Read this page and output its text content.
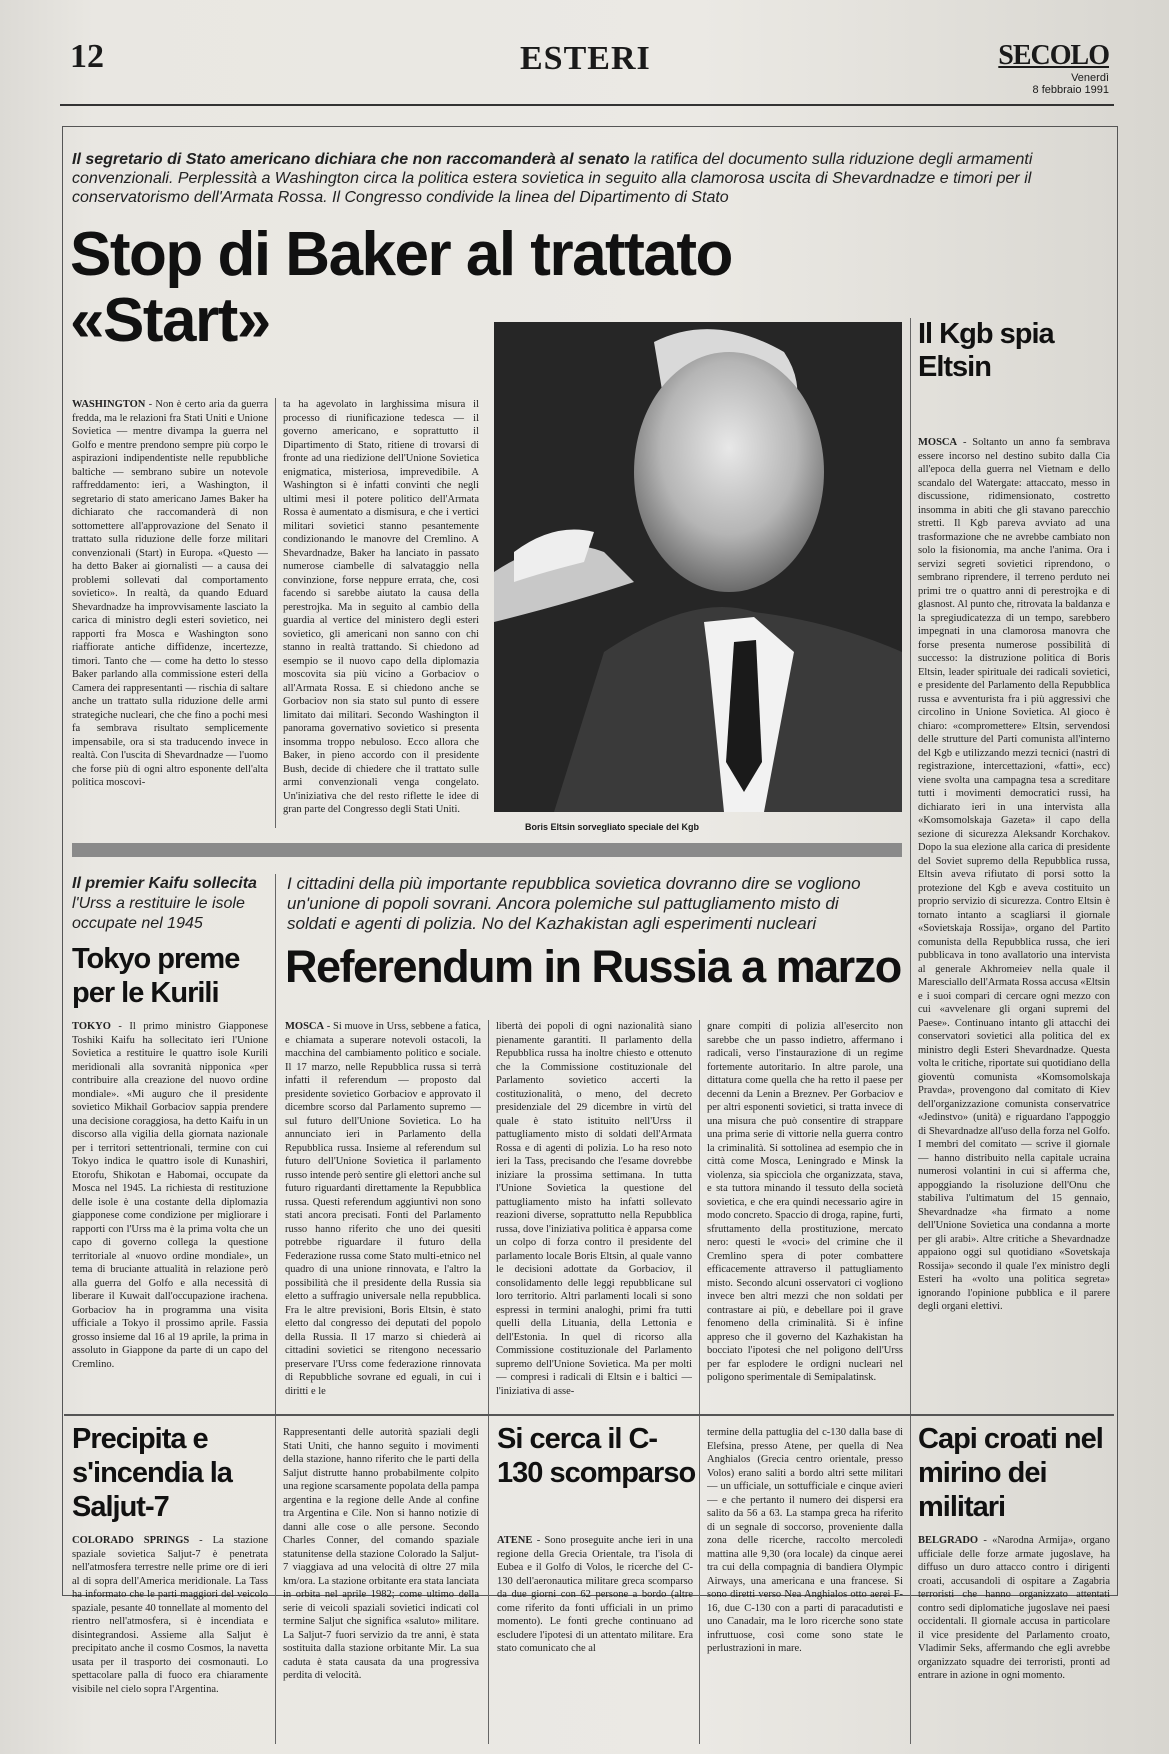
12	ESTERI	SECOLO
Venerdì
8 febbraio 1991
Il segretario di Stato americano dichiara che non raccomanderà al senato la ratifica del documento sulla riduzione degli armamenti convenzionali. Perplessità a Washington circa la politica estera sovietica in seguito alla clamorosa uscita di Shevardnadze e timori per il conservatorismo dell'Armata Rossa. Il Congresso condivide la linea del Dipartimento di Stato
Stop di Baker al trattato «Start»
WASHINGTON - Non è certo aria da guerra fredda, ma le relazioni fra Stati Uniti e Unione Sovietica — mentre divampa la guerra nel Golfo e mentre prendono sempre più corpo le aspirazioni indipendentiste nelle repubbliche baltiche — sembrano subire un notevole raffreddamento: ieri, a Washington, il segretario di stato americano James Baker ha dichiarato che raccomanderà di non sottomettere all'approvazione del Senato il trattato sulla riduzione delle forze militari convenzionali (Start) in Europa. «Questo — ha detto Baker ai giornalisti — a causa dei problemi sollevati dal comportamento sovietico». In realtà, da quando Eduard Shevardnadze ha improvvisamente lasciato la carica di ministro degli esteri sovietico, nei rapporti fra Mosca e Washington sono riaffiorate antiche diffidenze, incertezze, timori. Tanto che — come ha detto lo stesso Baker parlando alla commissione esteri della Camera dei rappresentanti — rischia di saltare anche un trattato sulla riduzione delle armi strategiche nucleari, che che fino a pochi mesi fa sembrava risultato semplicemente impensabile, ora si sta traducendo invece in realtà. Con l'uscita di Shevardnadze — l'uomo che forse più di ogni altro esponente dell'alta politica moscovi-
ta ha agevolato in larghissima misura il processo di riunificazione tedesca — il governo americano, e soprattutto il Dipartimento di Stato, ritiene di trovarsi di fronte ad una riedizione dell'Unione Sovietica enigmatica, misteriosa, imprevedibile. A Washington si è infatti convinti che negli ultimi mesi il potere politico dell'Armata Rossa è aumentato a dismisura, e che i vertici militari sovietici stanno pesantemente condizionando le manovre del Cremlino. A Shevardnadze, Baker ha lanciato in passato numerose ciambelle di salvataggio nella convinzione, forse neppure errata, che, così facendo si sarebbe aiutato la causa della perestrojka. Ma in seguito al cambio della guardia al vertice del ministero degli esteri sovietico, gli americani non sanno con chi stanno in realtà trattando. Si chiedono ad esempio se il nuovo capo della diplomazia moscovita sia più vicino a Gorbaciov o all'Armata Rossa. E si chiedono anche se Gorbaciov non sia stato sul punto di essere limitato dai militari. Secondo Washington il panorama governativo sovietico si presenta insomma troppo nebuloso. Ecco allora che Baker, in pieno accordo con il presidente Bush, decide di chiedere che il trattato sulle armi convenzionali venga congelato. Un'iniziativa che del resto riflette le idee di gran parte del Congresso degli Stati Uniti.
Boris Eltsin sorvegliato speciale del Kgb
Il Kgb spia Eltsin
MOSCA - Soltanto un anno fa sembrava essere incorso nel destino subito dalla Cia all'epoca della guerra nel Vietnam e dello scandalo del Watergate: attaccato, messo in discussione, ridimensionato, costretto insomma in abiti che gli stavano parecchio stretti. Il Kgb pareva avviato ad una trasformazione che ne avrebbe cambiato non solo la fisionomia, ma anche l'anima. Ora i servizi segreti sovietici riprendono, o sembrano riprendere, il terreno perduto nei primi tre o quattro anni di perestrojka e di glasnost. Al punto che, ritrovata la baldanza e la spregiudicatezza di un tempo, sarebbero impegnati in una clamorosa manovra che forse presenta numerose possibilità di successo: la distruzione politica di Boris Eltsin, leader spirituale dei radicali sovietici, e presidente del Parlamento della Repubblica russa e avventurista fra i più aggressivi che circolino in Unione Sovietica. Al gioco è chiaro: «compromettere» Eltsin, servendosi delle strutture del Parti comunista all'interno del Kgb e utilizzando mezzi tecnici (nastri di registrazione, intercettazioni, «fatti», ecc) viene svolta una campagna tesa a screditare tutti i movimenti democratici russi, ha dichiarato ieri in una intervista alla «Komsomolskaja Gazeta» il capo della sezione di sicurezza Aleksandr Korchakov. Dopo la sua elezione alla carica di presidente del Soviet supremo della Repubblica russa, Eltsin aveva rifiutato di porsi sotto la protezione del Kgb e aveva costituito un proprio servizio di sicurezza. Contro Eltsin è tornato intanto a scagliarsi il giornale «Sovietskaja Rossija», organo del Partito comunista della Repubblica russa, che ieri pubblicava in tono avallatorio una intervista al generale Akhromeiev nella quale il Maresciallo dell'Armata Rossa accusa «Eltsin e i suoi compari di cercare ogni mezzo con cui «avvelenare gli organi supremi del Paese». Continuano intanto gli attacchi dei conservatori sovietici alla politica del ex ministro degli Esteri Shevardnadze. Questa volta le critiche, riportate sui quotidiano della gioventù comunista «Komsomolskaja Pravda», provengono dal comitato di Kiev dell'organizzazione comunista conservatrice «Jedinstvo» (unità) e riguardano l'appoggio di Shevardnadze all'uso della forza nel Golfo. I membri del comitato — scrive il giornale — hanno distribuito nella capitale ucraina numerosi volantini in cui si afferma che, appoggiando la risoluzione dell'Onu che stabiliva l'ultimatum del 15 gennaio, Shevardnadze «ha firmato a nome dell'Unione Sovietica una condanna a morte per gli arabi». Altre critiche a Shevardnadze appaiono oggi sul quotidiano «Sovetskaja Rossija» secondo il quale l'ex ministro degli Esteri ha «volto una politica segreta» ignorando l'opinione pubblica e il parere degli organi elettivi.
Il premier Kaifu sollecita l'Urss a restituire le isole occupate nel 1945
Tokyo preme per le Kurili
TOKYO - Il primo ministro Giapponese Toshiki Kaifu ha sollecitato ieri l'Unione Sovietica a restituire le quattro isole Kurili meridionali alla sovranità nipponica «per contribuire alla creazione del nuovo ordine mondiale». «Mi auguro che il presidente sovietico Mikhail Gorbaciov sappia prendere una decisione coraggiosa, ha detto Kaifu in un discorso alla vigilia della giornata nazionale per i territori settentrionali, termine con cui Tokyo indica le quattro isole di Kunashiri, Etorofu, Shikotan e Habomai, occupate da Mosca nel 1945. La richiesta di restituzione delle isole è una costante della diplomazia giapponese come condizione per migliorare i rapporti con l'Urss ma è la prima volta che un capo di governo collega la questione territoriale al «nuovo ordine mondiale», un tema di bruciante attualità in relazione però alla guerra del Golfo e alla necessità di liberare il Kuwait dall'occupazione irachena. Gorbaciov ha in programma una visita ufficiale a Tokyo il prossimo aprile. Fassia grosso insieme dal 16 al 19 aprile, la prima in assoluto in Giappone da parte di un capo del Cremlino.
I cittadini della più importante repubblica sovietica dovranno dire se vogliono un'unione di popoli sovrani. Ancora polemiche sul pattugliamento misto di soldati e agenti di polizia. No del Kazhakistan agli esperimenti nucleari
Referendum in Russia a marzo
MOSCA - Si muove in Urss, sebbene a fatica, e chiamata a superare notevoli ostacoli, la macchina del cambiamento politico e sociale. Il 17 marzo, nelle Repubblica russa si terrà infatti il referendum — proposto dal presidente sovietico Gorbaciov e approvato il dicembre scorso dal Parlamento supremo — sul futuro dell'Unione Sovietica. Lo ha annunciato ieri in Parlamento della Repubblica russa. Insieme al referendum sul futuro dell'Unione Sovietica il parlamento russo intende però sentire gli elettori anche sul futuro riguardanti direttamente la Repubblica russa. Questi referendum aggiuntivi non sono stati ancora precisati. Fonti del Parlamento russo hanno riferito che uno dei quesiti potrebbe riguardare il futuro della Federazione russa come Stato multi-etnico nel quadro di una unione rinnovata, e l'altro la possibilità che il presidente della Russia sia eletto a suffragio universale nella repubblica. Fra le altre previsioni, Boris Eltsin, è stato eletto dal congresso dei deputati del popolo della Russia. Il 17 marzo si chiederà ai cittadini sovietici se ritengono necessario preservare l'Urss come federazione rinnovata di Repubbliche sovrane ed eguali, in cui i diritti e le
libertà dei popoli di ogni nazionalità siano pienamente garantiti. Il parlamento della Repubblica russa ha inoltre chiesto e ottenuto che la Commissione costituzionale del Parlamento sovietico accerti la costituzionalità, o meno, del decreto presidenziale del 29 dicembre in virtù del quale è stato istituito nell'Urss il pattugliamento misto di soldati dell'Armata Rossa e di agenti di polizia. Lo ha reso noto ieri la Tass, precisando che l'esame dovrebbe iniziare la prossima settimana. In tutta l'Unione Sovietica la questione del pattugliamento misto ha infatti sollevato reazioni diverse, soprattutto nella Repubblica russa, dove l'iniziativa politica è apparsa come un colpo di forza contro il presidente del parlamento locale Boris Eltsin, al quale vanno le decisioni adottate da Gorbaciov, il consolidamento delle leggi repubblicane sul loro territorio. Altri parlamenti locali si sono espressi in termini analoghi, primi fra tutti quelli della Lituania, della Lettonia e dell'Estonia. In quel di ricorso alla Commissione costituzionale del Parlamento supremo dell'Unione Sovietica. Ma per molti — compresi i radicali di Eltsin e i baltici — l'iniziativa di asse-
gnare compiti di polizia all'esercito non sarebbe che un passo indietro, affermano i radicali, verso l'instaurazione di un regime fortemente autoritario. In altre parole, una dittatura come quella che ha retto il paese per decenni da Lenin a Breznev. Per Gorbaciov e per altri esponenti sovietici, si tratta invece di una misura che può consentire di strappare una prima serie di vittorie nella guerra contro la criminalità. Si sottolinea ad esempio che in città come Mosca, Leningrado e Minsk la violenza, sia spicciola che organizzata, stava, e sta tuttora minando il tessuto della società sovietica, e che era quindi necessario agire in modo concreto. Spaccio di droga, rapine, furti, sfruttamento della prostituzione, mercato nero: questi le «voci» del crimine che il Cremlino spera di poter combattere efficacemente attraverso il pattugliamento misto. Secondo alcuni osservatori ci vogliono invece ben altri mezzi che non soldati per contrastare ai più, e debellare poi il grave fenomeno della criminalità. Si è infine appreso che il governo del Kazhakistan ha bocciato l'ipotesi che nel poligono dell'Urss per far esplodere le ordigni nucleari nel poligono sperimentale di Semipalatinsk.
Precipita e s'incendia la Saljut-7
COLORADO SPRINGS - La stazione spaziale sovietica Saljut-7 è penetrata nell'atmosfera terrestre nelle prime ore di ieri al di sopra dell'America meridionale. La Tass ha informato che le parti maggiori del veicolo spaziale, pesante 40 tonnellate al momento del rientro nell'atmosfera, si è incendiata e disintegrandosi. Assieme alla Saljut è precipitato anche il cosmo Cosmos, la navetta usata per il trasporto dei cosmonauti. Lo spettacolare palla di fuoco era chiaramente visibile nel cielo sopra l'Argentina.
Rappresentanti delle autorità spaziali degli Stati Uniti, che hanno seguito i movimenti della stazione, hanno riferito che le parti della Saljut distrutte hanno probabilmente colpito una regione scarsamente popolata della pampa argentina e la regione delle Ande al confine tra Argentina e Cile. Non si hanno notizie di danni alle cose o alle persone. Secondo Charles Conner, del comando spaziale statunitense della stazione Colorado la Saljut-7 viaggiava ad una velocità di oltre 27 mila km/ora. La stazione orbitante era stata lanciata in orbita nel aprile 1982; come ultimo della serie di veicoli spaziali sovietici indicati col termine Saljut che significa «saluto» militare. La Saljut-7 fuori servizio da tre anni, è stata sostituita dalla stazione orbitante Mir. La sua caduta è stata causata da una progressiva perdita di velocità.
Si cerca il C-130 scomparso
ATENE - Sono proseguite anche ieri in una regione della Grecia Orientale, tra l'isola di Eubea e il Golfo di Volos, le ricerche del C-130 dell'aeronautica militare greca scomparso da due giorni con 62 persone a bordo (altre come riferito da fonti ufficiali in un primo momento). Le fonti greche continuano ad escludere l'ipotesi di un attentato militare. Era stato comunicato che al
termine della pattuglia del c-130 dalla base di Elefsina, presso Atene, per quella di Nea Anghialos (Grecia centro orientale, presso Volos) erano saliti a bordo altri sette militari — un ufficiale, un sottufficiale e cinque avieri — e che pertanto il numero dei dispersi era salito da 56 a 63. La stampa greca ha riferito di un segnale di soccorso, proveniente dalla zona delle ricerche, raccolto mercoledì mattina alle 9,30 (ora locale) da cinque aerei tra cui della compagnia di bandiera Olympic Airways, una americana e una francese. Si sono diretti verso Nea Anghialos otto aerei F-16, due C-130 con a parti di paracadutisti e uno Canadair, ma le loro ricerche sono state infruttuose, così come sono state le perlustrazioni in mare.
Capi croati nel mirino dei militari
BELGRADO - «Narodna Armija», organo ufficiale delle forze armate jugoslave, ha diffuso un duro attacco contro i dirigenti croati, accusandoli di ospitare a Zagabria terroristi che hanno organizzato attentati contro sedi diplomatiche jugoslave nei paesi occidentali. Il giornale accusa in particolare il vice presidente del Parlamento croato, Vladimir Seks, affermando che egli avrebbe organizzato squadre dei terroristi, pronti ad entrare in azione in ogni momento.
